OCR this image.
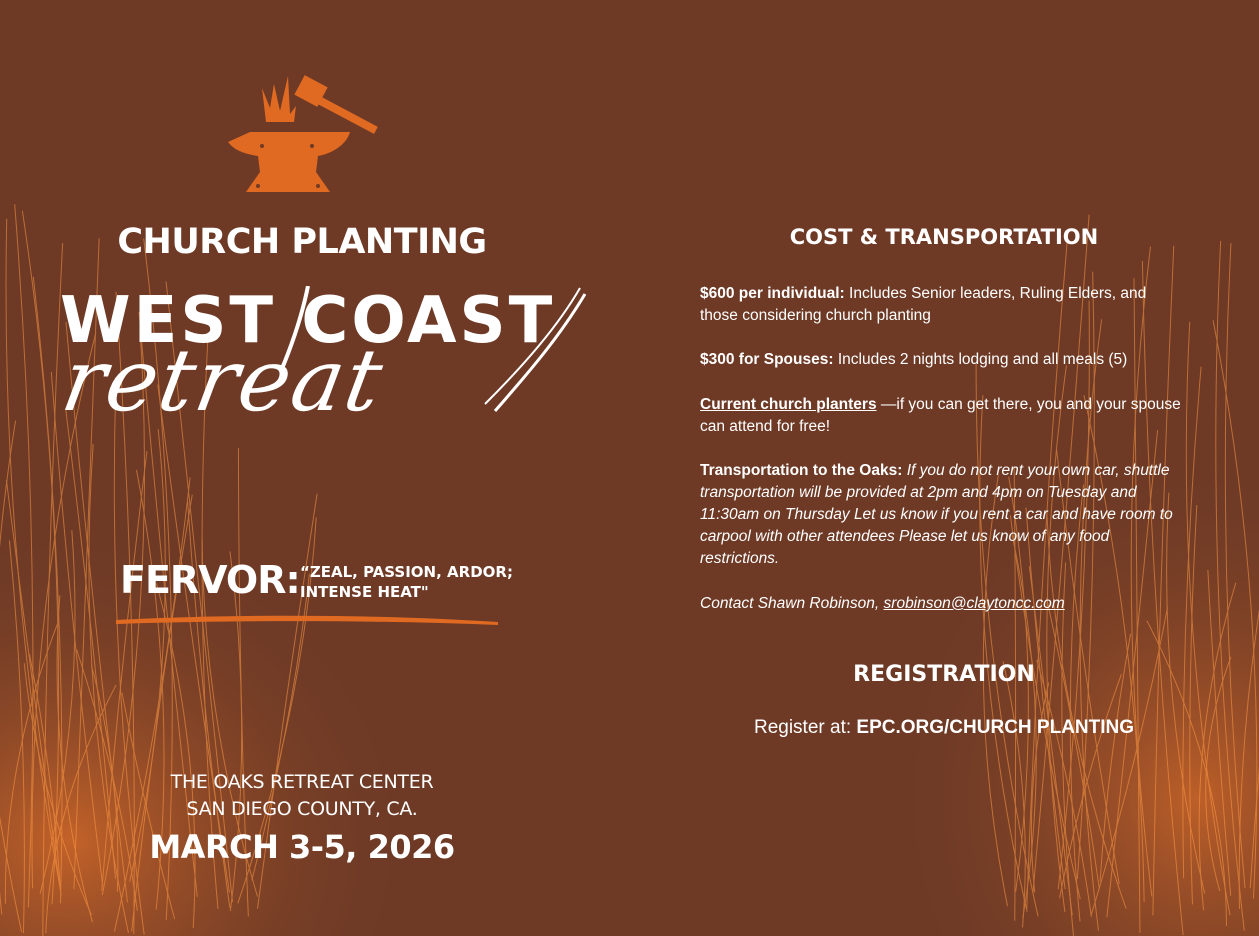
CHURCH PLANTING
WEST COAST
retreat
FERVOR: “ZEAL, PASSION, ARDOR; INTENSE HEAT"
THE OAKS RETREAT CENTER
SAN DIEGO COUNTY, CA.
MARCH 3-5, 2026
COST & TRANSPORTATION
$600 per individual: Includes Senior leaders, Ruling Elders, and those considering church planting
$300 for Spouses: Includes 2 nights lodging and all meals (5)
Current church planters —if you can get there, you and your spouse can attend for free!
Transportation to the Oaks: If you do not rent your own car, shuttle transportation will be provided at 2pm and 4pm on Tuesday and 11:30am on Thursday Let us know if you rent a car and have room to carpool with other attendees Please let us know of any food restrictions.
Contact Shawn Robinson, srobinson@claytoncc.com
REGISTRATION
Register at: EPC.ORG/CHURCH PLANTING
